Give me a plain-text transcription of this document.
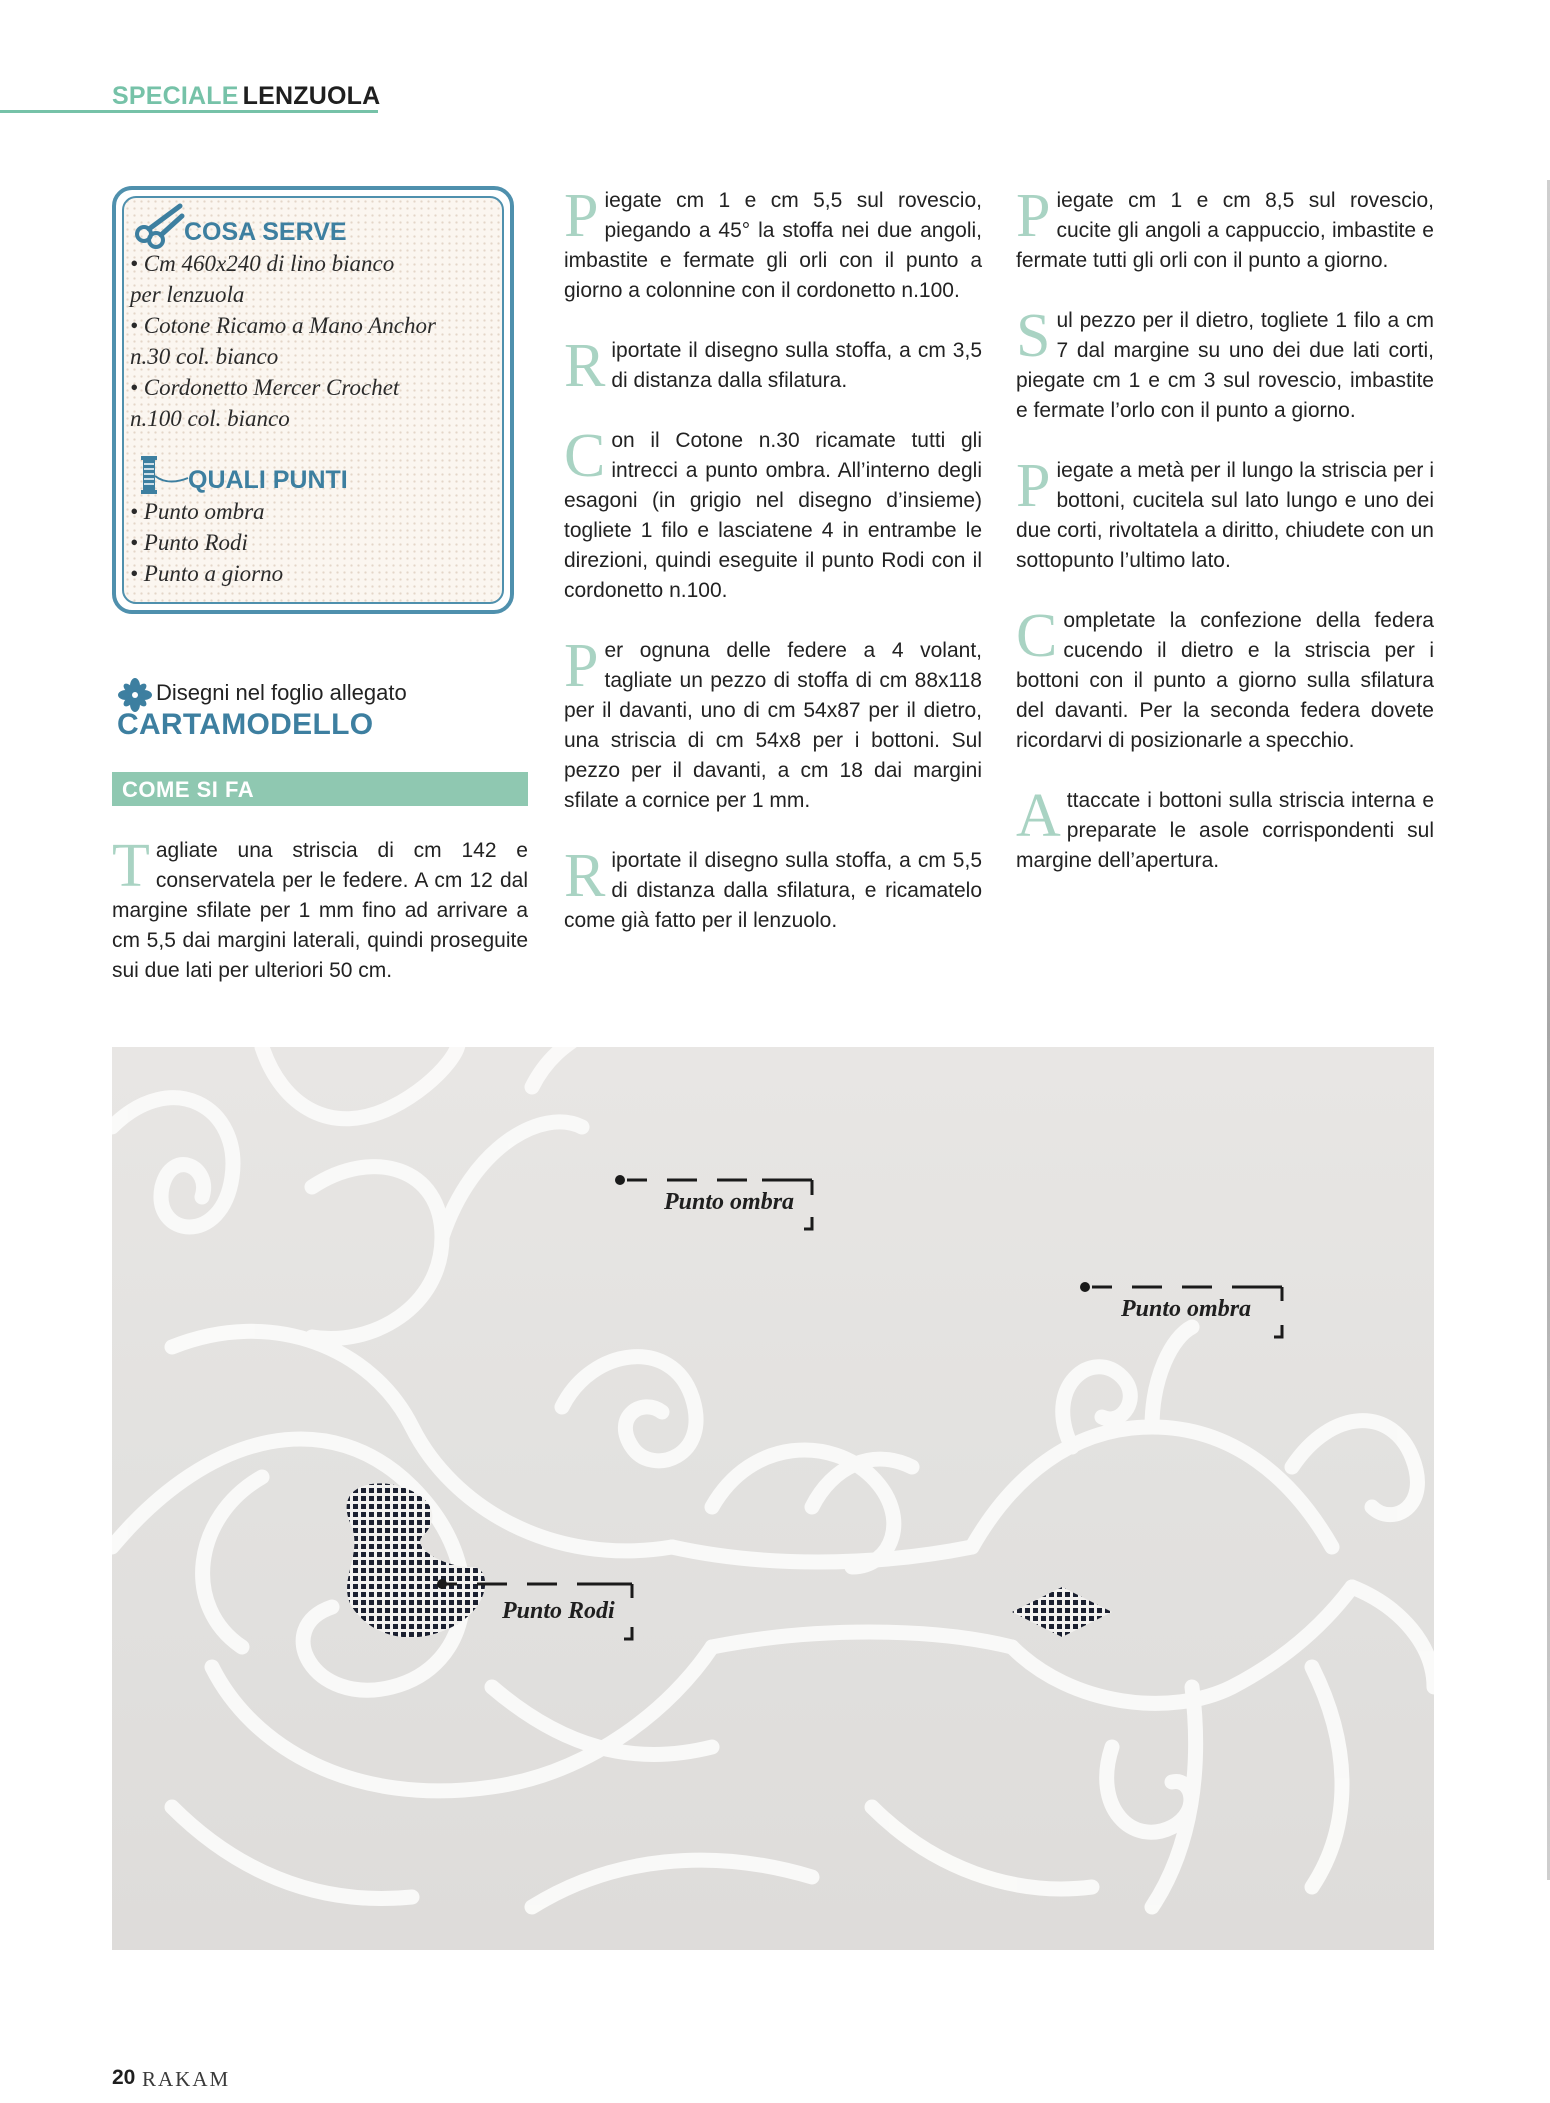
SPECIALE LENZUOLA
COSA SERVE
• Cm 460x240 di lino bianco
per lenzuola
• Cotone Ricamo a Mano Anchor
n.30 col. bianco
• Cordonetto Mercer Crochet
n.100 col. bianco
QUALI PUNTI
• Punto ombra
• Punto Rodi
• Punto a giorno
Disegni nel foglio allegato
CARTAMODELLO
COME SI FA

Tagliate una striscia di cm 142 e conservatela per le federe. A cm 12 dal margine sfilate per 1 mm fino ad arrivare a cm 5,5 dai margini laterali, quindi proseguite sui due lati per ulteriori 50 cm.

Piegate cm 1 e cm 5,5 sul rovescio, piegando a 45° la stoffa nei due angoli, imbastite e fermate gli orli con il punto a giorno a colonnine con il cordonetto n.100.

Riportate il disegno sulla stoffa, a cm 3,5 di distanza dalla sfilatura.

Con il Cotone n.30 ricamate tutti gli intrecci a punto ombra. All’interno degli esagoni (in grigio nel disegno d’insieme) togliete 1 filo e lasciatene 4 in entrambe le direzioni, quindi eseguite il punto Rodi con il cordonetto n.100.

Per ognuna delle federe a 4 volant, tagliate un pezzo di stoffa di cm 88x118 per il davanti, uno di cm 54x87 per il dietro, una striscia di cm 54x8 per i bottoni. Sul pezzo per il davanti, a cm 18 dai margini sfilate a cornice per 1 mm.

Riportate il disegno sulla stoffa, a cm 5,5 di distanza dalla sfilatura, e ricamatelo come già fatto per il lenzuolo.

Piegate cm 1 e cm 8,5 sul rovescio, cucite gli angoli a cappuccio, imbastite e fermate tutti gli orli con il punto a giorno.

Sul pezzo per il dietro, togliete 1 filo a cm 7 dal margine su uno dei due lati corti, piegate cm 1 e cm 3 sul rovescio, imbastite e fermate l’orlo con il punto a giorno.

Piegate a metà per il lungo la striscia per i bottoni, cucitela sul lato lungo e uno dei due corti, rivoltatela a diritto, chiudete con un sottopunto l’ultimo lato.

Completate la confezione della federa cucendo il dietro e la striscia per i bottoni con il punto a giorno sulla sfilatura del davanti. Per la seconda federa dovete ricordarvi di posizionarle a specchio.

Attaccate i bottoni sulla striscia interna e preparate le asole corrispondenti sul margine dell’apertura.

Punto ombra
Punto ombra
Punto Rodi
20 RAKAM
